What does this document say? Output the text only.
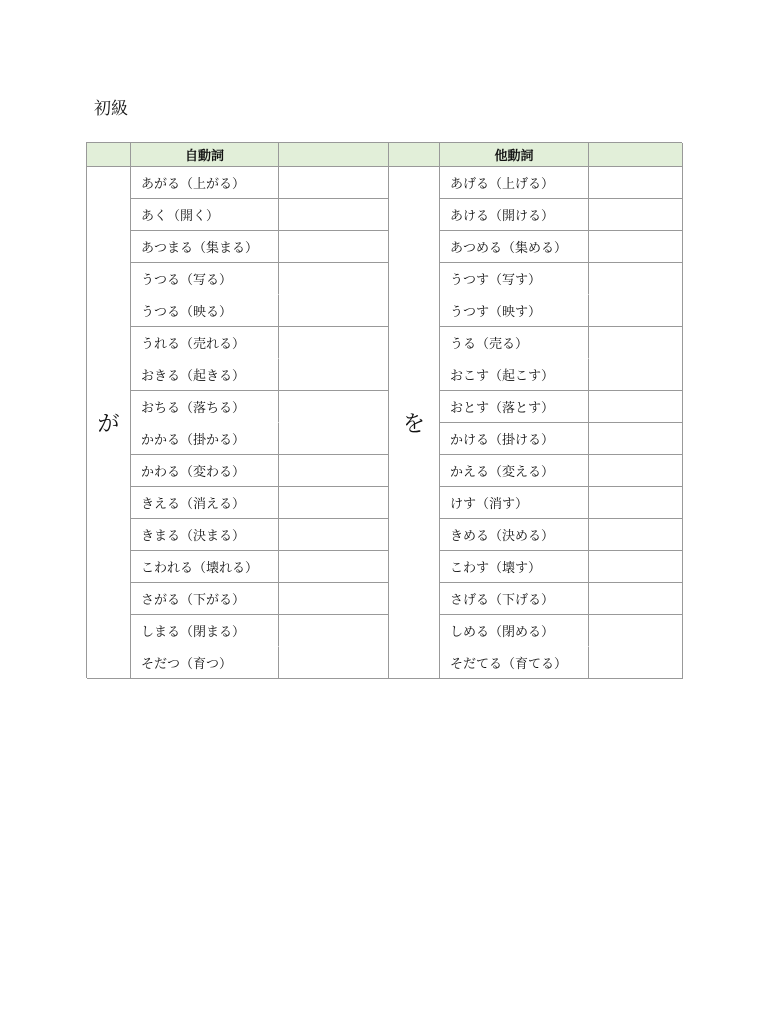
初級
自動詞	他動詞
が	を
あがる（上がる）	あげる（上げる）
あく（開く）	あける（開ける）
あつまる（集まる）	あつめる（集める）
うつる（写る）	うつす（写す）
うつる（映る）	うつす（映す）
うれる（売れる）	うる（売る）
おきる（起きる）	おこす（起こす）
おちる（落ちる）	おとす（落とす）
かかる（掛かる）	かける（掛ける）
かわる（変わる）	かえる（変える）
きえる（消える）	けす（消す）
きまる（決まる）	きめる（決める）
こわれる（壊れる）	こわす（壊す）
さがる（下がる）	さげる（下げる）
しまる（閉まる）	しめる（閉める）
そだつ（育つ）	そだてる（育てる）
